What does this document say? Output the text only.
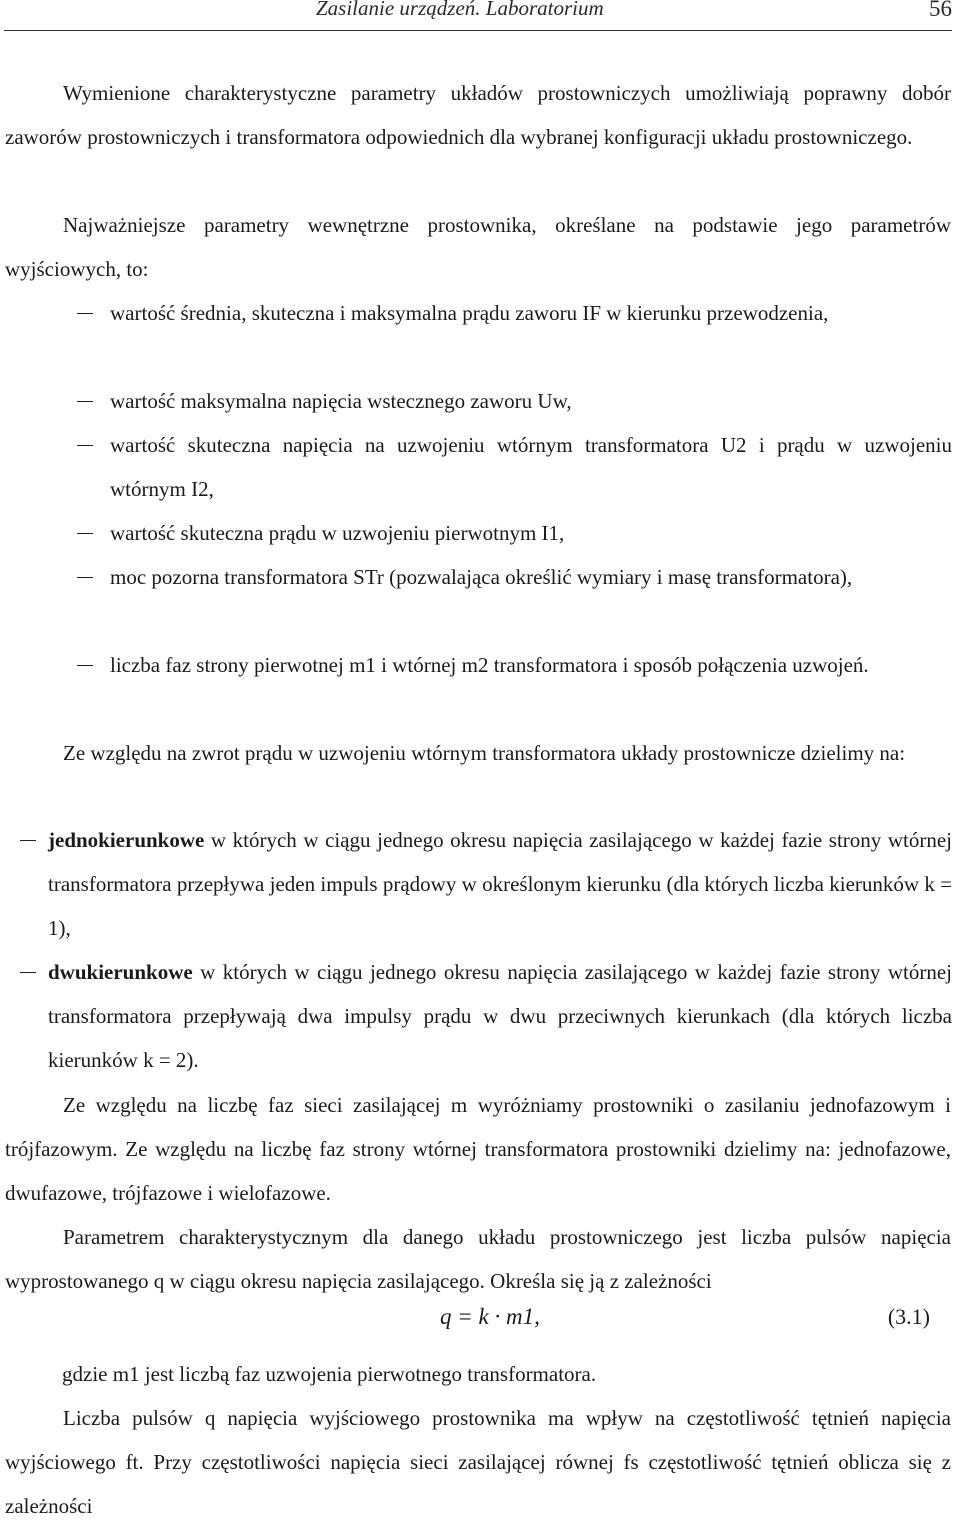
Zasilanie urządzeń. Laboratorium	56
Wymienione charakterystyczne parametry układów prostowniczych umożliwiają poprawny dobór zaworów prostowniczych i transformatora odpowiednich dla wybranej konfiguracji układu prostowniczego.
Najważniejsze parametry wewnętrzne prostownika, określane na podstawie jego parametrów wyjściowych, to:
wartość średnia, skuteczna i maksymalna prądu zaworu IF w kierunku przewodzenia,
wartość maksymalna napięcia wstecznego zaworu Uw,
wartość skuteczna napięcia na uzwojeniu wtórnym transformatora U2 i prądu w uzwojeniu wtórnym I2,
wartość skuteczna prądu w uzwojeniu pierwotnym I1,
moc pozorna transformatora STr (pozwalająca określić wymiary i masę transformatora),
liczba faz strony pierwotnej m1 i wtórnej m2 transformatora i sposób połączenia uzwojeń.
Ze względu na zwrot prądu w uzwojeniu wtórnym transformatora układy prostownicze dzielimy na:
jednokierunkowe w których w ciągu jednego okresu napięcia zasilającego w każdej fazie strony wtórnej transformatora przepływa jeden impuls prądowy w określonym kierunku (dla których liczba kierunków k = 1),
dwukierunkowe w których w ciągu jednego okresu napięcia zasilającego w każdej fazie strony wtórnej transformatora przepływają dwa impulsy prądu w dwu przeciwnych kierunkach (dla których liczba kierunków k = 2).
Ze względu na liczbę faz sieci zasilającej m wyróżniamy prostowniki o zasilaniu jednofazowym i trójfazowym. Ze względu na liczbę faz strony wtórnej transformatora prostowniki dzielimy na: jednofazowe, dwufazowe, trójfazowe i wielofazowe.
Parametrem charakterystycznym dla danego układu prostowniczego jest liczba pulsów napięcia wyprostowanego q w ciągu okresu napięcia zasilającego. Określa się ją z zależności
q = k · m1,	(3.1)
gdzie m1 jest liczbą faz uzwojenia pierwotnego transformatora.
Liczba pulsów q napięcia wyjściowego prostownika ma wpływ na częstotliwość tętnień napięcia wyjściowego ft. Przy częstotliwości napięcia sieci zasilającej równej fs częstotliwość tętnień oblicza się z zależności
